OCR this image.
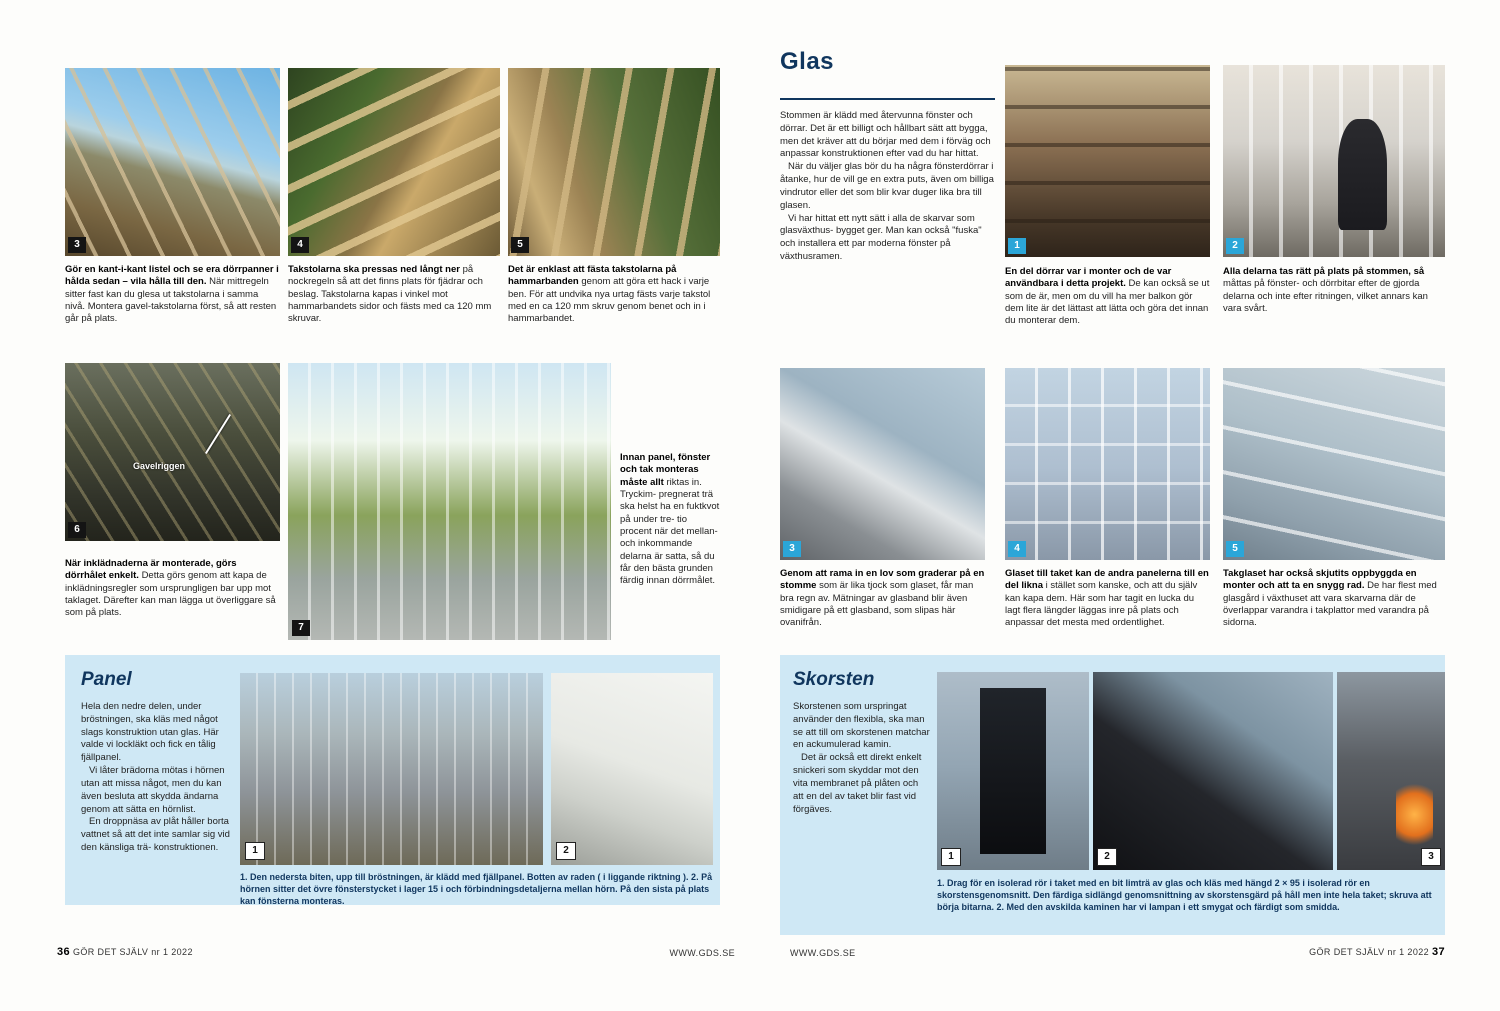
3	4	5
Gör en kant-i-kant listel och se era dörrpanner i hålda sedan – vila hålla till den. När mittregeln sitter fast kan du glesa ut takstolarna i samma nivå. Montera gavel-takstolarna först, så att resten går på plats.
Takstolarna ska pressas ned långt ner på nockregeln så att det finns plats för fjädrar och beslag. Takstolarna kapas i vinkel mot hammarbandets sidor och fästs med ca 120 mm skruvar.
Det är enklast att fästa takstolarna på hammarbanden genom att göra ett hack i varje ben. För att undvika nya urtag fästs varje takstol med en ca 120 mm skruv genom benet och in i hammarbandet.
Gavelriggen
6
När inklädnaderna är monterade, görs dörrhålet enkelt. Detta görs genom att kapa de inklädningsregler som ursprungligen bar upp mot taklaget. Därefter kan man lägga ut överliggare så som på plats.
7
Innan panel, fönster och tak monteras måste allt riktas in. Tryckim- pregnerat trä ska helst ha en fuktkvot på under tre- tio procent när det mellan- och inkommande delarna är satta, så du får den bästa grunden färdig innan dörrmålet.
Panel

Hela den nedre delen, under bröstningen, ska kläs med något slags konstruktion utan glas. Här valde vi lockläkt och fick en tålig fjällpanel.

Vi låter brädorna mötas i hörnen utan att missa något, men du kan även besluta att skydda ändarna genom att sätta en hörnlist.

En droppnäsa av plåt håller borta vattnet så att det inte samlar sig vid den känsliga trä- konstruktionen.	1	2
1. Den nedersta biten, upp till bröstningen, är klädd med fjällpanel. Botten av raden ( i liggande riktning ). 2. På hörnen sitter det övre fönsterstycket i lager 15 i och förbindningsdetaljerna mellan hörn. På den sista på plats kan fönsterna monteras.
36 GÖR DET SJÄLV nr 1 2022	WWW.GDS.SE
Glas

Stommen är klädd med återvunna fönster och dörrar. Det är ett billigt och hållbart sätt att bygga, men det kräver att du börjar med dem i förväg och anpassar konstruktionen efter vad du har hittat.

När du väljer glas bör du ha några fönsterdörrar i åtanke, hur de vill ge en extra puts, även om billiga vindrutor eller det som blir kvar duger lika bra till glasen.

Vi har hittat ett nytt sätt i alla de skarvar som glasväxthus- bygget ger. Man kan också "fuska" och installera ett par moderna fönster på växthusramen.

1	2
En del dörrar var i monter och de var användbara i detta projekt. De kan också se ut som de är, men om du vill ha mer balkon gör dem lite är det lättast att lätta och göra det innan du monterar dem.
Alla delarna tas rätt på plats på stommen, så måttas på fönster- och dörrbitar efter de gjorda delarna och inte efter ritningen, vilket annars kan vara svårt.
3	4	5
Genom att rama in en lov som graderar på en stomme som är lika tjock som glaset, får man bra regn av. Mätningar av glasband blir även smidigare på ett glasband, som slipas här ovanifrån.
Glaset till taket kan de andra panelerna till en del likna i stället som kanske, och att du själv kan kapa dem. Här som har tagit en lucka du lagt flera längder läggas inre på plats och anpassar det mesta med ordentlighet.
Takglaset har också skjutits oppbyggda en monter och att ta en snygg rad. De har flest med glasgård i växthuset att vara skarvarna där de överlappar varandra i takplattor med varandra på sidorna.
Skorsten

Skorstenen som urspringat använder den flexibla, ska man se att till om skorstenen matchar en ackumulerad kamin.

Det är också ett direkt enkelt snickeri som skyddar mot den vita membranet på plåten och att en del av taket blir fast vid förgäves.

1	2	3
1. Drag för en isolerad rör i taket med en bit limträ av glas och kläs med hängd 2 × 95 i isolerad rör en skorstensgenomsnitt. Den färdiga sidlängd genomsnittning av skorstensgärd på håll men inte hela taket; skruva att börja bitarna. 2. Med den avskilda kaminen har vi lampan i ett smygat och färdigt som smidda.
WWW.GDS.SE	GÖR DET SJÄLV nr 1 2022 37
